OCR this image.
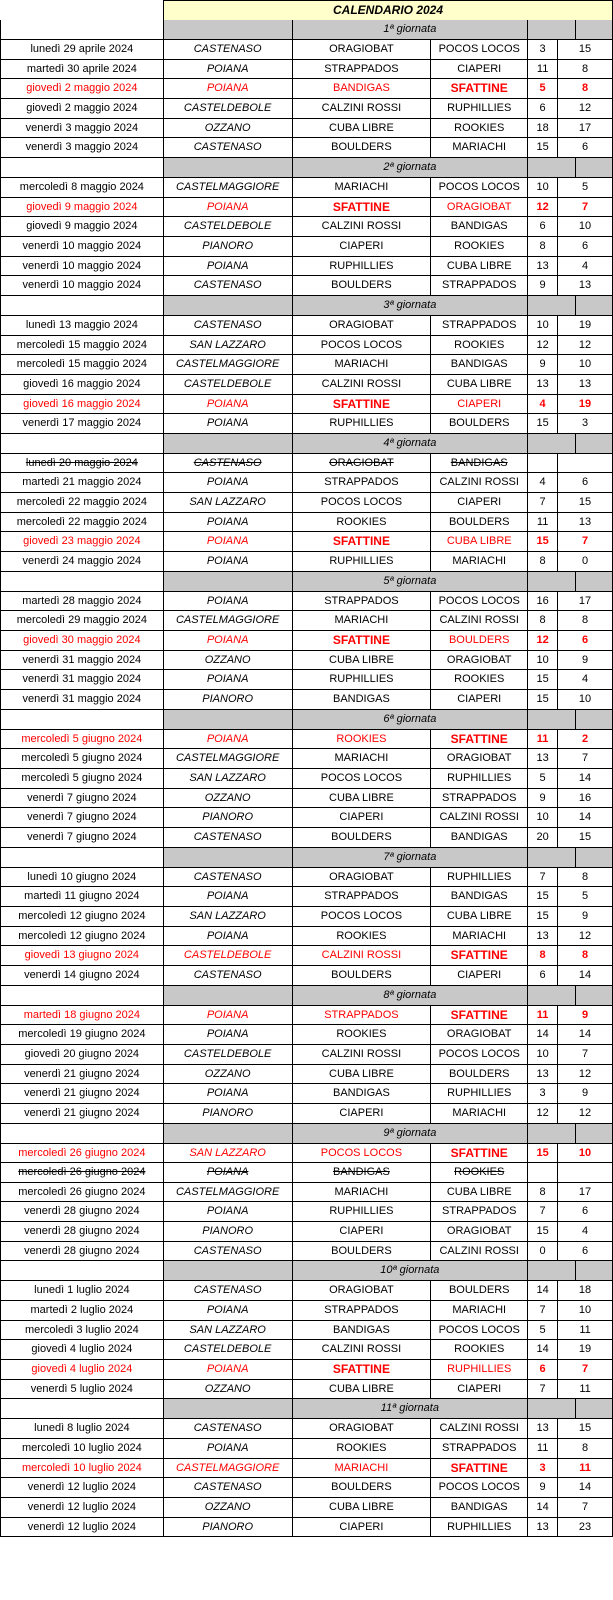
CALENDARIO 2024
1ª giornata
lunedì 29 aprile 2024	CASTENASO	ORAGIOBAT	POCOS LOCOS	3	15
martedì 30 aprile 2024	POIANA	STRAPPADOS	CIAPERI	11	8
giovedì 2 maggio 2024	POIANA	BANDIGAS	SFATTINE	5	8
giovedì 2 maggio 2024	CASTELDEBOLE	CALZINI ROSSI	RUPHILLIES	6	12
venerdì 3 maggio 2024	OZZANO	CUBA LIBRE	ROOKIES	18	17
venerdì 3 maggio 2024	CASTENASO	BOULDERS	MARIACHI	15	6
2ª giornata
mercoledì 8 maggio 2024	CASTELMAGGIORE	MARIACHI	POCOS LOCOS	10	5
giovedì 9 maggio 2024	POIANA	SFATTINE	ORAGIOBAT	12	7
giovedì 9 maggio 2024	CASTELDEBOLE	CALZINI ROSSI	BANDIGAS	6	10
venerdì 10 maggio 2024	PIANORO	CIAPERI	ROOKIES	8	6
venerdì 10 maggio 2024	POIANA	RUPHILLIES	CUBA LIBRE	13	4
venerdì 10 maggio 2024	CASTENASO	BOULDERS	STRAPPADOS	9	13
3ª giornata
lunedì 13 maggio 2024	CASTENASO	ORAGIOBAT	STRAPPADOS	10	19
mercoledì 15 maggio 2024	SAN LAZZARO	POCOS LOCOS	ROOKIES	12	12
mercoledì 15 maggio 2024	CASTELMAGGIORE	MARIACHI	BANDIGAS	9	10
giovedì 16 maggio 2024	CASTELDEBOLE	CALZINI ROSSI	CUBA LIBRE	13	13
giovedì 16 maggio 2024	POIANA	SFATTINE	CIAPERI	4	19
venerdì 17 maggio 2024	POIANA	RUPHILLIES	BOULDERS	15	3
4ª giornata
lunedì 20 maggio 2024	CASTENASO	ORAGIOBAT	BANDIGAS
martedì 21 maggio 2024	POIANA	STRAPPADOS	CALZINI ROSSI	4	6
mercoledì 22 maggio 2024	SAN LAZZARO	POCOS LOCOS	CIAPERI	7	15
mercoledì 22 maggio 2024	POIANA	ROOKIES	BOULDERS	11	13
giovedì 23 maggio 2024	POIANA	SFATTINE	CUBA LIBRE	15	7
venerdì 24 maggio 2024	POIANA	RUPHILLIES	MARIACHI	8	0
5ª giornata
martedì 28 maggio 2024	POIANA	STRAPPADOS	POCOS LOCOS	16	17
mercoledì 29 maggio 2024	CASTELMAGGIORE	MARIACHI	CALZINI ROSSI	8	8
giovedì 30 maggio 2024	POIANA	SFATTINE	BOULDERS	12	6
venerdì 31 maggio 2024	OZZANO	CUBA LIBRE	ORAGIOBAT	10	9
venerdì 31 maggio 2024	POIANA	RUPHILLIES	ROOKIES	15	4
venerdì 31 maggio 2024	PIANORO	BANDIGAS	CIAPERI	15	10
6ª giornata
mercoledì 5 giugno 2024	POIANA	ROOKIES	SFATTINE	11	2
mercoledì 5 giugno 2024	CASTELMAGGIORE	MARIACHI	ORAGIOBAT	13	7
mercoledì 5 giugno 2024	SAN LAZZARO	POCOS LOCOS	RUPHILLIES	5	14
venerdì 7 giugno 2024	OZZANO	CUBA LIBRE	STRAPPADOS	9	16
venerdì 7 giugno 2024	PIANORO	CIAPERI	CALZINI ROSSI	10	14
venerdì 7 giugno 2024	CASTENASO	BOULDERS	BANDIGAS	20	15
7ª giornata
lunedì 10 giugno 2024	CASTENASO	ORAGIOBAT	RUPHILLIES	7	8
martedì 11 giugno 2024	POIANA	STRAPPADOS	BANDIGAS	15	5
mercoledì 12 giugno 2024	SAN LAZZARO	POCOS LOCOS	CUBA LIBRE	15	9
mercoledì 12 giugno 2024	POIANA	ROOKIES	MARIACHI	13	12
giovedì 13 giugno 2024	CASTELDEBOLE	CALZINI ROSSI	SFATTINE	8	8
venerdì 14 giugno 2024	CASTENASO	BOULDERS	CIAPERI	6	14
8ª giornata
martedì 18 giugno 2024	POIANA	STRAPPADOS	SFATTINE	11	9
mercoledì 19 giugno 2024	POIANA	ROOKIES	ORAGIOBAT	14	14
giovedì 20 giugno 2024	CASTELDEBOLE	CALZINI ROSSI	POCOS LOCOS	10	7
venerdì 21 giugno 2024	OZZANO	CUBA LIBRE	BOULDERS	13	12
venerdì 21 giugno 2024	POIANA	BANDIGAS	RUPHILLIES	3	9
venerdì 21 giugno 2024	PIANORO	CIAPERI	MARIACHI	12	12
9ª giornata
mercoledì 26 giugno 2024	SAN LAZZARO	POCOS LOCOS	SFATTINE	15	10
mercoledì 26 giugno 2024	POIANA	BANDIGAS	ROOKIES
mercoledì 26 giugno 2024	CASTELMAGGIORE	MARIACHI	CUBA LIBRE	8	17
venerdì 28 giugno 2024	POIANA	RUPHILLIES	STRAPPADOS	7	6
venerdì 28 giugno 2024	PIANORO	CIAPERI	ORAGIOBAT	15	4
venerdì 28 giugno 2024	CASTENASO	BOULDERS	CALZINI ROSSI	0	6
10ª giornata
lunedì 1 luglio 2024	CASTENASO	ORAGIOBAT	BOULDERS	14	18
martedì 2 luglio 2024	POIANA	STRAPPADOS	MARIACHI	7	10
mercoledì 3 luglio 2024	SAN LAZZARO	BANDIGAS	POCOS LOCOS	5	11
giovedì 4 luglio 2024	CASTELDEBOLE	CALZINI ROSSI	ROOKIES	14	19
giovedì 4 luglio 2024	POIANA	SFATTINE	RUPHILLIES	6	7
venerdì 5 luglio 2024	OZZANO	CUBA LIBRE	CIAPERI	7	11
11ª giornata
lunedì 8 luglio 2024	CASTENASO	ORAGIOBAT	CALZINI ROSSI	13	15
mercoledì 10 luglio 2024	POIANA	ROOKIES	STRAPPADOS	11	8
mercoledì 10 luglio 2024	CASTELMAGGIORE	MARIACHI	SFATTINE	3	11
venerdì 12 luglio 2024	CASTENASO	BOULDERS	POCOS LOCOS	9	14
venerdì 12 luglio 2024	OZZANO	CUBA LIBRE	BANDIGAS	14	7
venerdì 12 luglio 2024	PIANORO	CIAPERI	RUPHILLIES	13	23
